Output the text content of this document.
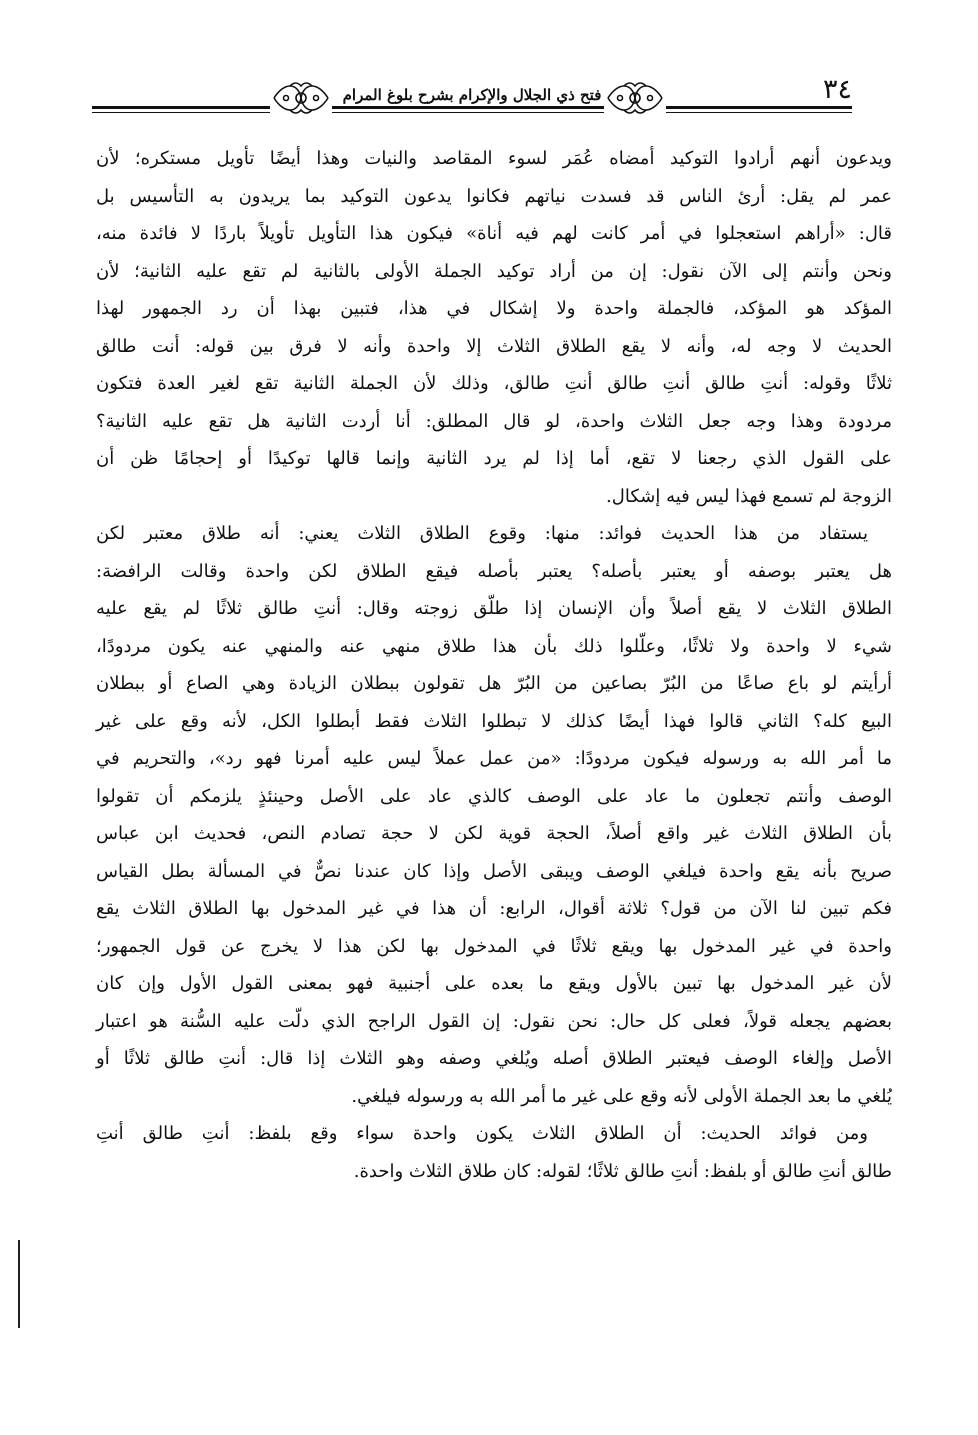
٣٤
فتح ذي الجلال والإكرام بشرح بلوغ المرام

ويدعون أنهم أرادوا التوكيد أمضاه عُمَر لسوء المقاصد والنيات وهذا أيضًا تأويل مستكره؛ لأن
عمر لم يقل: أرئ الناس قد فسدت نياتهم فكانوا يدعون التوكيد بما يريدون به التأسيس بل
قال: «أراهم استعجلوا في أمر كانت لهم فيه أناة» فيكون هذا التأويل تأويلاً باردًا لا فائدة منه،
ونحن وأنتم إلى الآن نقول: إن من أراد توكيد الجملة الأولى بالثانية لم تقع عليه الثانية؛ لأن
المؤكد هو المؤكد، فالجملة واحدة ولا إشكال في هذا، فتبين بهذا أن رد الجمهور لهذا
الحديث لا وجه له، وأنه لا يقع الطلاق الثلاث إلا واحدة وأنه لا فرق بين قوله: أنت طالق
ثلاثًا وقوله: أنتِ طالق أنتِ طالق أنتِ طالق، وذلك لأن الجملة الثانية تقع لغير العدة فتكون
مردودة وهذا وجه جعل الثلاث واحدة، لو قال المطلق: أنا أردت الثانية هل تقع عليه الثانية؟
على القول الذي رجعنا لا تقع، أما إذا لم يرد الثانية وإنما قالها توكيدًا أو إحجامًا ظن أن
الزوجة لم تسمع فهذا ليس فيه إشكال.

يستفاد من هذا الحديث فوائد: منها: وقوع الطلاق الثلاث يعني: أنه طلاق معتبر لكن
هل يعتبر بوصفه أو يعتبر بأصله؟ يعتبر بأصله فيقع الطلاق لكن واحدة وقالت الرافضة:
الطلاق الثلاث لا يقع أصلاً وأن الإنسان إذا طلّق زوجته وقال: أنتِ طالق ثلاثًا لم يقع عليه
شيء لا واحدة ولا ثلاثًا، وعلّلوا ذلك بأن هذا طلاق منهي عنه والمنهي عنه يكون مردودًا،
أرأيتم لو باع صاعًا من البُرّ بصاعين من البُرّ هل تقولون ببطلان الزيادة وهي الصاع أو ببطلان
البيع كله؟ الثاني قالوا فهذا أيضًا كذلك لا تبطلوا الثلاث فقط أبطلوا الكل، لأنه وقع على غير
ما أمر الله به ورسوله فيكون مردودًا: «من عمل عملاً ليس عليه أمرنا فهو رد»، والتحريم في
الوصف وأنتم تجعلون ما عاد على الوصف كالذي عاد على الأصل وحينئذٍ يلزمكم أن تقولوا
بأن الطلاق الثلاث غير واقع أصلاً، الحجة قوية لكن لا حجة تصادم النص، فحديث ابن عباس
صريح بأنه يقع واحدة فيلغي الوصف ويبقى الأصل وإذا كان عندنا نصٌّ في المسألة بطل القياس
فكم تبين لنا الآن من قول؟ ثلاثة أقوال، الرابع: أن هذا في غير المدخول بها الطلاق الثلاث يقع
واحدة في غير المدخول بها ويقع ثلاثًا في المدخول بها لكن هذا لا يخرج عن قول الجمهور؛
لأن غير المدخول بها تبين بالأول ويقع ما بعده على أجنبية فهو بمعنى القول الأول وإن كان
بعضهم يجعله قولاً، فعلى كل حال: نحن نقول: إن القول الراجح الذي دلّت عليه السُّنة هو اعتبار
الأصل وإلغاء الوصف فيعتبر الطلاق أصله ويُلغي وصفه وهو الثلاث إذا قال: أنتِ طالق ثلاثًا أو
يُلغي ما بعد الجملة الأولى لأنه وقع على غير ما أمر الله به ورسوله فيلغي.

ومن فوائد الحديث: أن الطلاق الثلاث يكون واحدة سواء وقع بلفظ: أنتِ طالق أنتِ
طالق أنتِ طالق أو بلفظ: أنتِ طالق ثلاثًا؛ لقوله: كان طلاق الثلاث واحدة.
